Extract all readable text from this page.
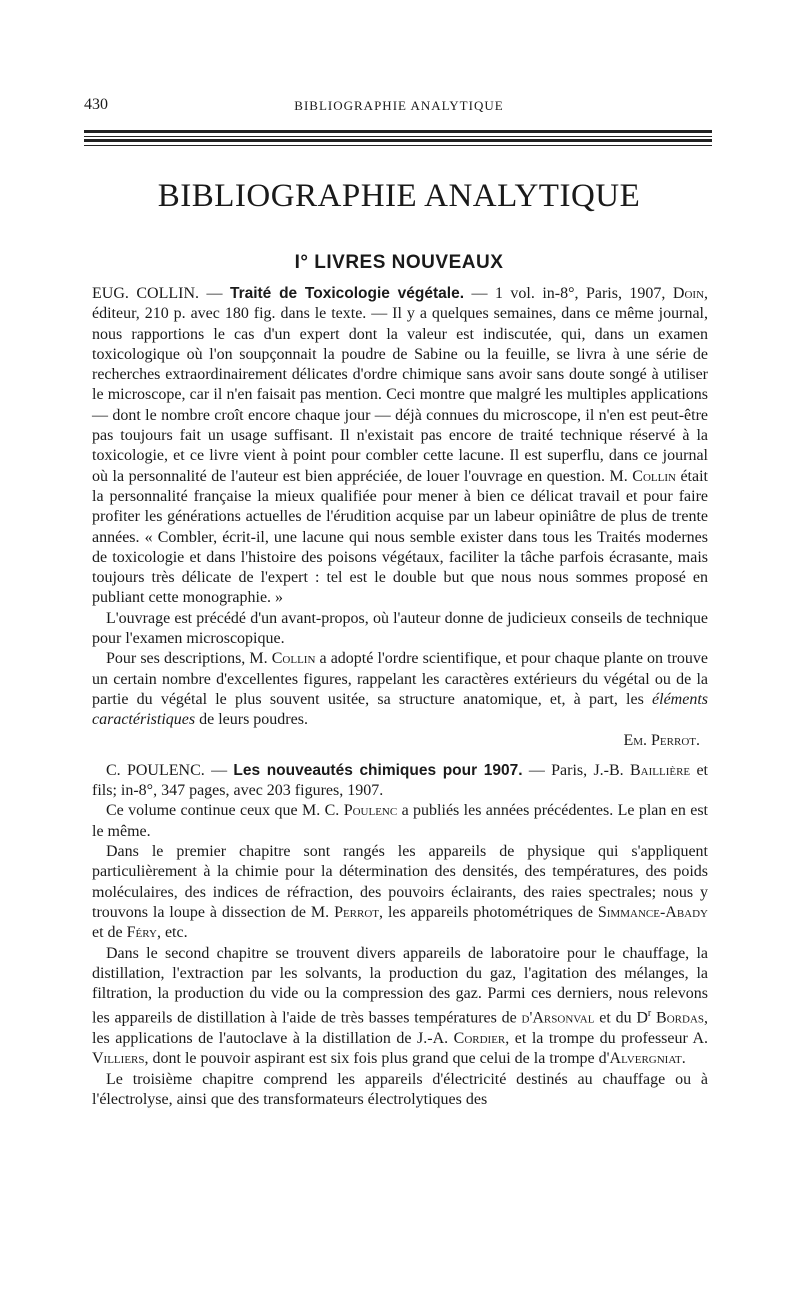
430	BIBLIOGRAPHIE ANALYTIQUE
BIBLIOGRAPHIE ANALYTIQUE
I° LIVRES NOUVEAUX

EUG. COLLIN. — Traité de Toxicologie végétale. — 1 vol. in-8°, Paris, 1907, Doin, éditeur, 210 p. avec 180 fig. dans le texte. — Il y a quelques semaines, dans ce même journal, nous rapportions le cas d'un expert dont la valeur est indiscutée, qui, dans un examen toxicologique où l'on soupçonnait la poudre de Sabine ou la feuille, se livra à une série de recherches extraordinairement délicates d'ordre chimique sans avoir sans doute songé à utiliser le microscope, car il n'en faisait pas mention. Ceci montre que malgré les multiples applications — dont le nombre croît encore chaque jour — déjà connues du microscope, il n'en est peut-être pas toujours fait un usage suffisant. Il n'existait pas encore de traité technique réservé à la toxicologie, et ce livre vient à point pour combler cette lacune. Il est superflu, dans ce journal où la personnalité de l'auteur est bien appréciée, de louer l'ouvrage en question. M. Collin était la personnalité française la mieux qualifiée pour mener à bien ce délicat travail et pour faire profiter les générations actuelles de l'érudition acquise par un labeur opiniâtre de plus de trente années. « Combler, écrit-il, une lacune qui nous semble exister dans tous les Traités modernes de toxicologie et dans l'histoire des poisons végétaux, faciliter la tâche parfois écrasante, mais toujours très délicate de l'expert : tel est le double but que nous nous sommes proposé en publiant cette monographie. »

L'ouvrage est précédé d'un avant-propos, où l'auteur donne de judicieux conseils de technique pour l'examen microscopique.

Pour ses descriptions, M. Collin a adopté l'ordre scientifique, et pour chaque plante on trouve un certain nombre d'excellentes figures, rappelant les caractères extérieurs du végétal ou de la partie du végétal le plus souvent usitée, sa structure anatomique, et, à part, les éléments caractéristiques de leurs poudres.

Em. Perrot.

C. POULENC. — Les nouveautés chimiques pour 1907. — Paris, J.-B. Baillière et fils; in-8°, 347 pages, avec 203 figures, 1907.

Ce volume continue ceux que M. C. Poulenc a publiés les années précédentes. Le plan en est le même.

Dans le premier chapitre sont rangés les appareils de physique qui s'appliquent particulièrement à la chimie pour la détermination des densités, des températures, des poids moléculaires, des indices de réfraction, des pouvoirs éclairants, des raies spectrales; nous y trouvons la loupe à dissection de M. Perrot, les appareils photométriques de Simmance-Abady et de Féry, etc.

Dans le second chapitre se trouvent divers appareils de laboratoire pour le chauffage, la distillation, l'extraction par les solvants, la production du gaz, l'agitation des mélanges, la filtration, la production du vide ou la compression des gaz. Parmi ces derniers, nous relevons les appareils de distillation à l'aide de très basses températures de d'Arsonval et du $D^r$ Bordas, les applications de l'autoclave à la distillation de J.-A. Cordier, et la trompe du professeur A. Villiers, dont le pouvoir aspirant est six fois plus grand que celui de la trompe d'Alvergniat.

Le troisième chapitre comprend les appareils d'électricité destinés au chauffage ou à l'électrolyse, ainsi que des transformateurs électrolytiques des
